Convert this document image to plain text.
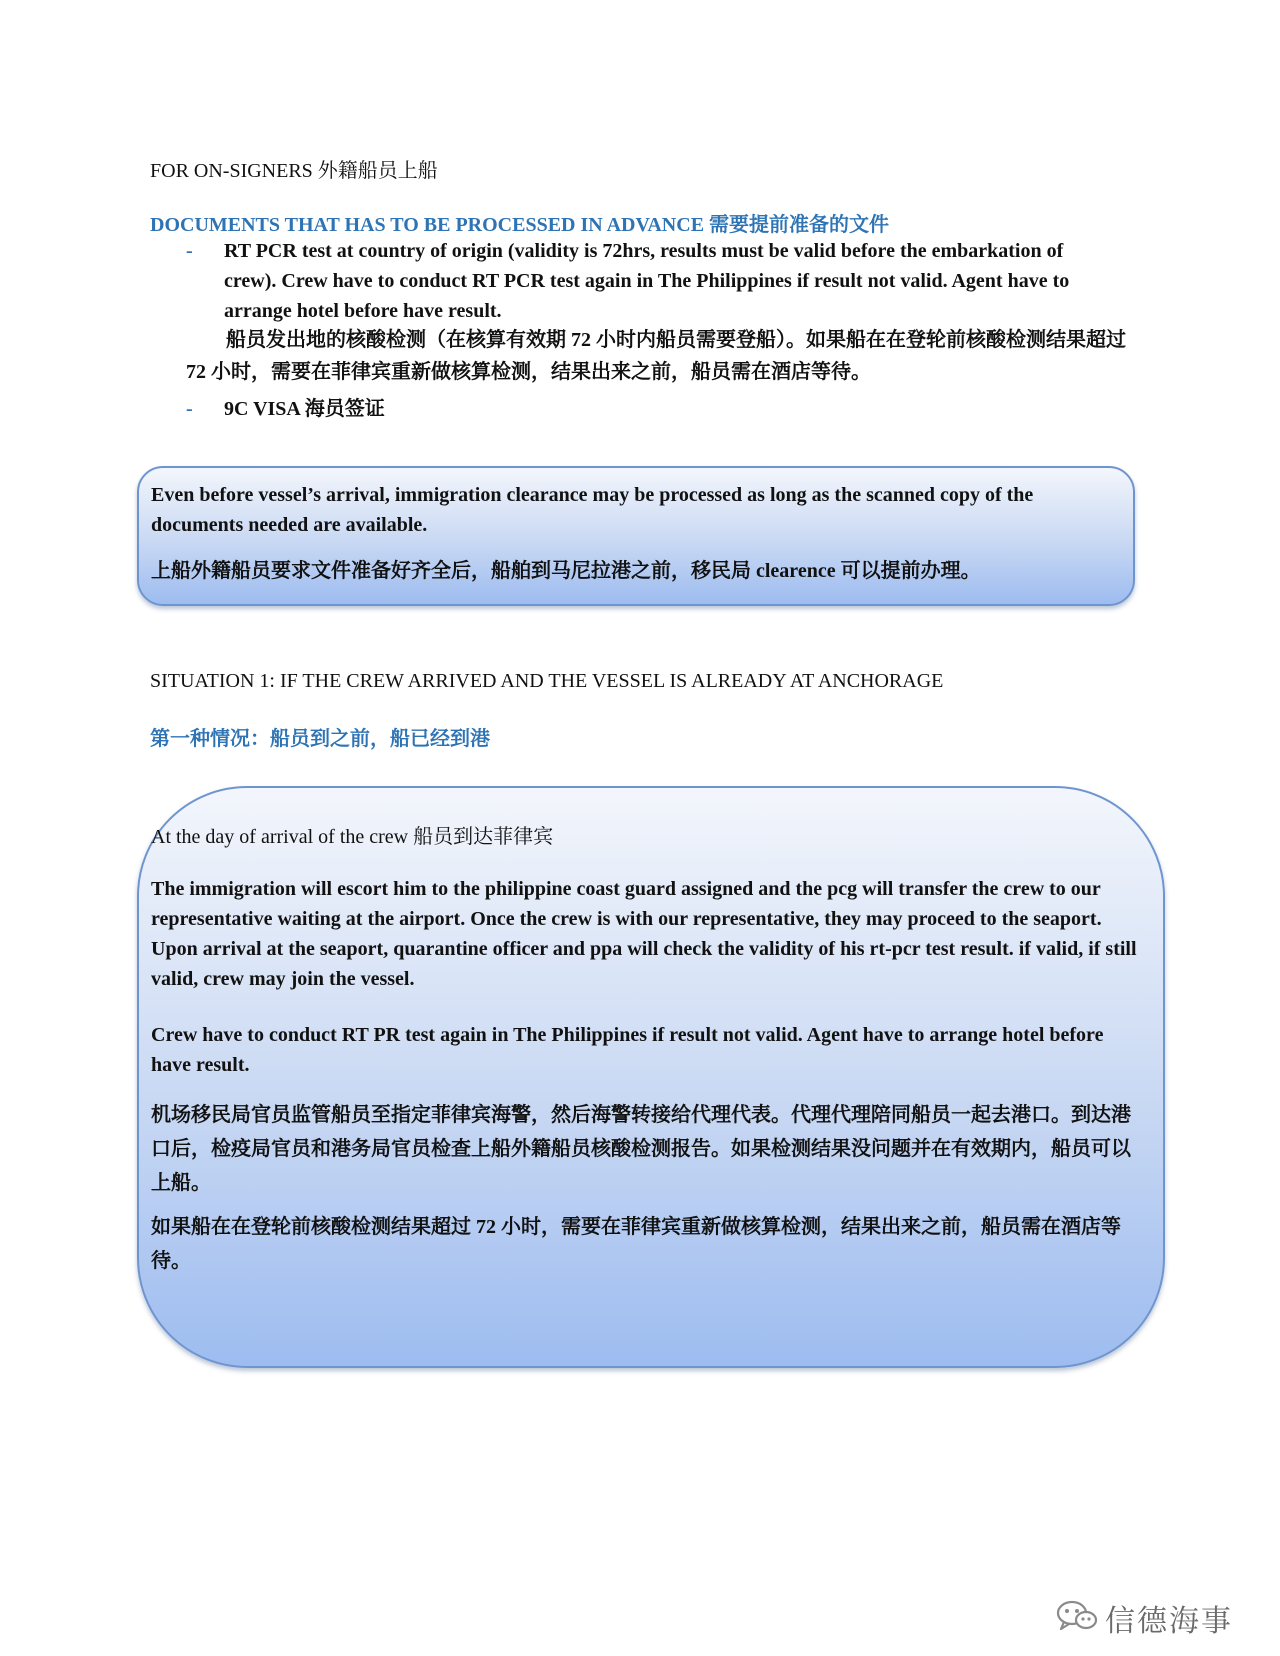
FOR ON-SIGNERS 外籍船员上船
DOCUMENTS THAT HAS TO BE PROCESSED IN ADVANCE 需要提前准备的文件
-	RT PCR test at country of origin (validity is 72hrs, results must be valid before the embarkation of crew). Crew have to conduct RT PCR test again in The Philippines if result not valid. Agent have to arrange hotel before have result.
船员发出地的核酸检测（在核算有效期 72 小时内船员需要登船）。如果船在在登轮前核酸检测结果超过 72 小时，需要在菲律宾重新做核算检测，结果出来之前，船员需在酒店等待。
-	9C VISA 海员签证

Even before vessel’s arrival, immigration clearance may be processed as long as the scanned copy of the documents needed are available.

上船外籍船员要求文件准备好齐全后，船舶到马尼拉港之前，移民局 clearence 可以提前办理。

SITUATION 1: IF THE CREW ARRIVED AND THE VESSEL IS ALREADY AT ANCHORAGE
第一种情况：船员到之前，船已经到港

At the day of arrival of the crew 船员到达菲律宾

The immigration will escort him to the philippine coast guard assigned and the pcg will transfer the crew to our representative waiting at the airport. Once the crew is with our representative, they may proceed to the seaport. Upon arrival at the seaport, quarantine officer and ppa will check the validity of his rt-pcr test result. if valid, if still valid, crew may join the vessel.

Crew have to conduct RT PR test again in The Philippines if result not valid. Agent have to arrange hotel before have result.

机场移民局官员监管船员至指定菲律宾海警，然后海警转接给代理代表。代理代理陪同船员一起去港口。到达港口后，检疫局官员和港务局官员检查上船外籍船员核酸检测报告。如果检测结果没问题并在有效期内，船员可以上船。

如果船在在登轮前核酸检测结果超过 72 小时，需要在菲律宾重新做核算检测，结果出来之前，船员需在酒店等待。

信德海事
